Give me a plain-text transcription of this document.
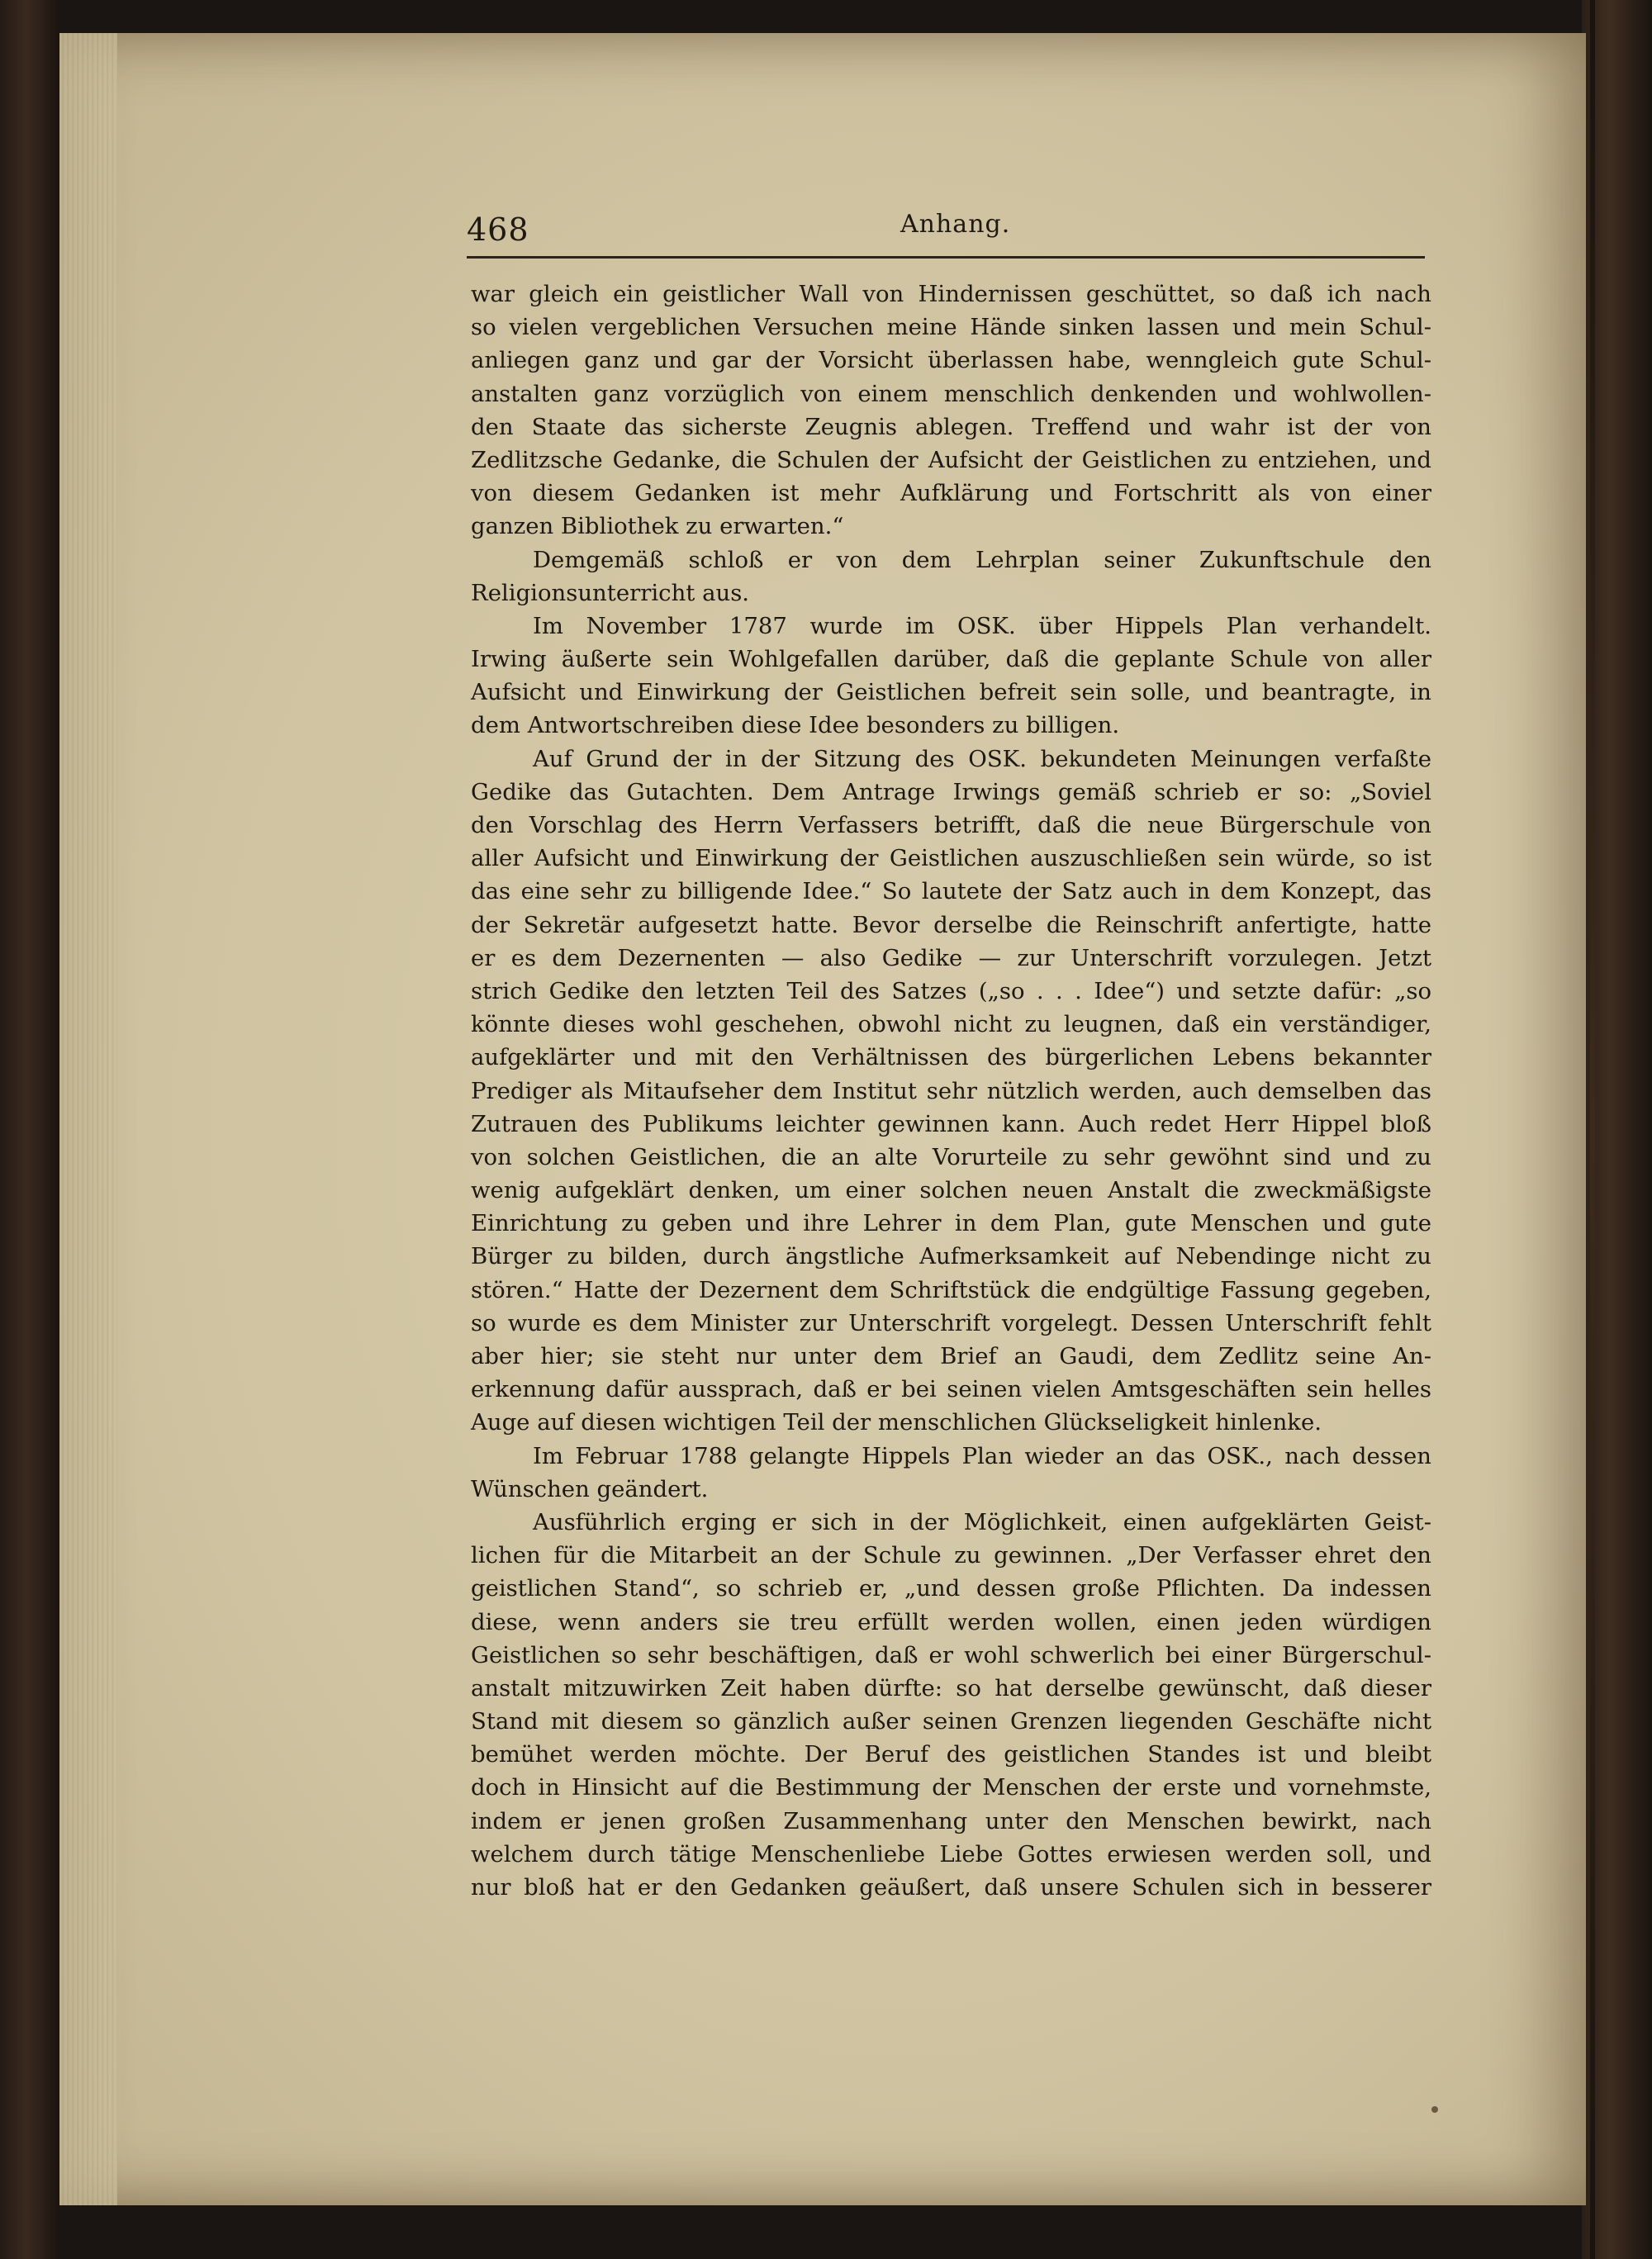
468	Anhang.
war gleich ein geistlicher Wall von Hindernissen geschüttet, so daß ich nach
so vielen vergeblichen Versuchen meine Hände sinken lassen und mein Schul-
anliegen ganz und gar der Vorsicht überlassen habe, wenngleich gute Schul-
anstalten ganz vorzüglich von einem menschlich denkenden und wohlwollen-
den Staate das sicherste Zeugnis ablegen. Treffend und wahr ist der von
Zedlitzsche Gedanke, die Schulen der Aufsicht der Geistlichen zu entziehen, und
von diesem Gedanken ist mehr Aufklärung und Fortschritt als von einer
ganzen Bibliothek zu erwarten.“
Demgemäß schloß er von dem Lehrplan seiner Zukunftschule den
Religionsunterricht aus.
Im November 1787 wurde im OSK. über Hippels Plan verhandelt.
Irwing äußerte sein Wohlgefallen darüber, daß die geplante Schule von aller
Aufsicht und Einwirkung der Geistlichen befreit sein solle, und beantragte, in
dem Antwortschreiben diese Idee besonders zu billigen.
Auf Grund der in der Sitzung des OSK. bekundeten Meinungen verfaßte
Gedike das Gutachten. Dem Antrage Irwings gemäß schrieb er so: „Soviel
den Vorschlag des Herrn Verfassers betrifft, daß die neue Bürgerschule von
aller Aufsicht und Einwirkung der Geistlichen auszuschließen sein würde, so ist
das eine sehr zu billigende Idee.“ So lautete der Satz auch in dem Konzept, das
der Sekretär aufgesetzt hatte. Bevor derselbe die Reinschrift anfertigte, hatte
er es dem Dezernenten — also Gedike — zur Unterschrift vorzulegen. Jetzt
strich Gedike den letzten Teil des Satzes („so . . . Idee“) und setzte dafür: „so
könnte dieses wohl geschehen, obwohl nicht zu leugnen, daß ein verständiger,
aufgeklärter und mit den Verhältnissen des bürgerlichen Lebens bekannter
Prediger als Mitaufseher dem Institut sehr nützlich werden, auch demselben das
Zutrauen des Publikums leichter gewinnen kann. Auch redet Herr Hippel bloß
von solchen Geistlichen, die an alte Vorurteile zu sehr gewöhnt sind und zu
wenig aufgeklärt denken, um einer solchen neuen Anstalt die zweckmäßigste
Einrichtung zu geben und ihre Lehrer in dem Plan, gute Menschen und gute
Bürger zu bilden, durch ängstliche Aufmerksamkeit auf Nebendinge nicht zu
stören.“ Hatte der Dezernent dem Schriftstück die endgültige Fassung gegeben,
so wurde es dem Minister zur Unterschrift vorgelegt. Dessen Unterschrift fehlt
aber hier; sie steht nur unter dem Brief an Gaudi, dem Zedlitz seine An-
erkennung dafür aussprach, daß er bei seinen vielen Amtsgeschäften sein helles
Auge auf diesen wichtigen Teil der menschlichen Glückseligkeit hinlenke.
Im Februar 1788 gelangte Hippels Plan wieder an das OSK., nach dessen
Wünschen geändert.
Ausführlich erging er sich in der Möglichkeit, einen aufgeklärten Geist-
lichen für die Mitarbeit an der Schule zu gewinnen. „Der Verfasser ehret den
geistlichen Stand“, so schrieb er, „und dessen große Pflichten. Da indessen
diese, wenn anders sie treu erfüllt werden wollen, einen jeden würdigen
Geistlichen so sehr beschäftigen, daß er wohl schwerlich bei einer Bürgerschul-
anstalt mitzuwirken Zeit haben dürfte: so hat derselbe gewünscht, daß dieser
Stand mit diesem so gänzlich außer seinen Grenzen liegenden Geschäfte nicht
bemühet werden möchte. Der Beruf des geistlichen Standes ist und bleibt
doch in Hinsicht auf die Bestimmung der Menschen der erste und vornehmste,
indem er jenen großen Zusammenhang unter den Menschen bewirkt, nach
welchem durch tätige Menschenliebe Liebe Gottes erwiesen werden soll, und
nur bloß hat er den Gedanken geäußert, daß unsere Schulen sich in besserer
